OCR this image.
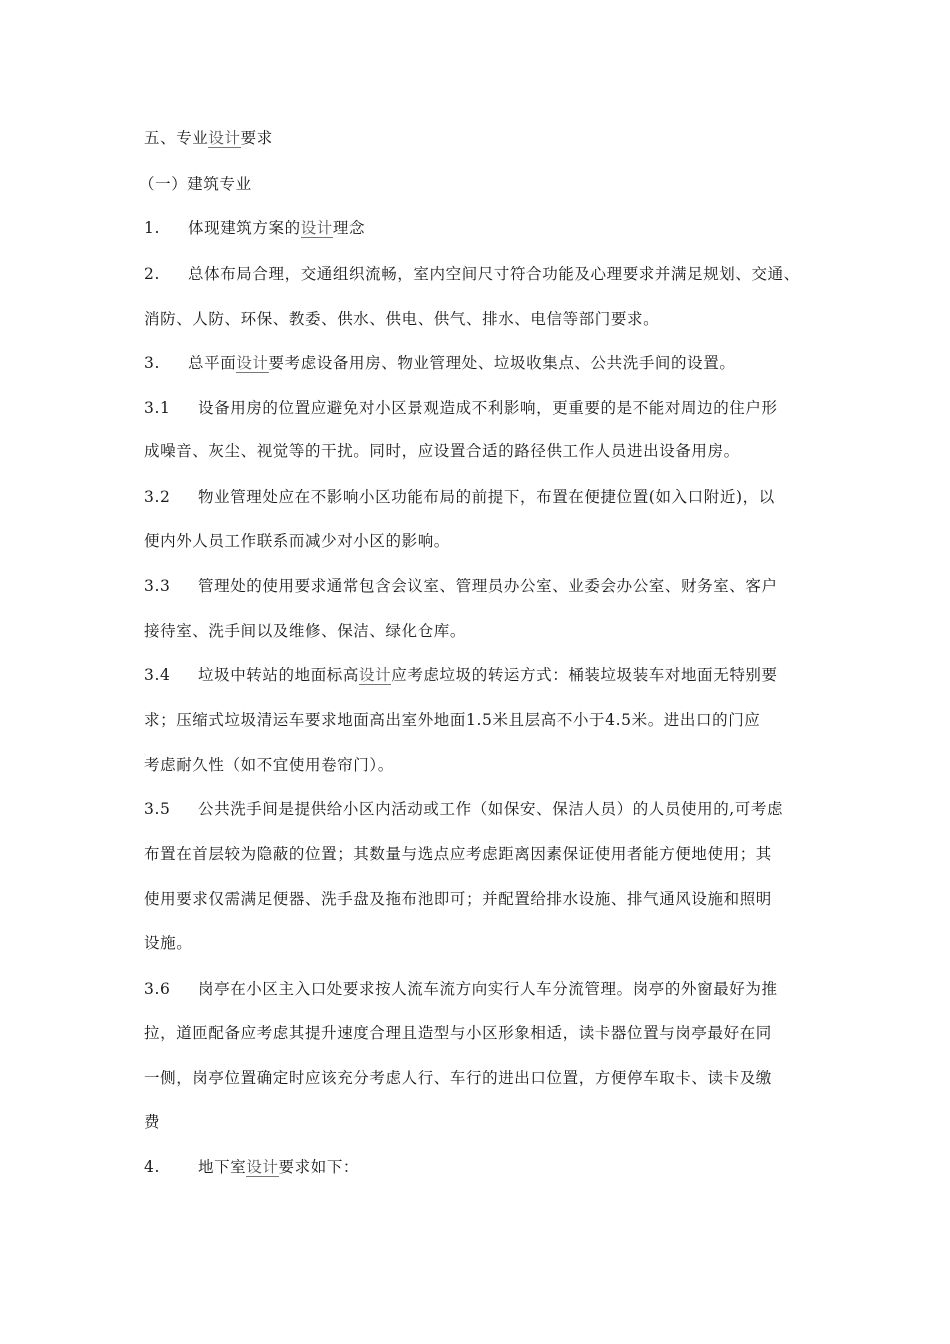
五、专业设计要求
（一）建筑专业
1. 体现建筑方案的设计理念
2. 总体布局合理，交通组织流畅，室内空间尺寸符合功能及心理要求并满足规划、交通、
消防、人防、环保、教委、供水、供电、供气、排水、电信等部门要求。
3. 总平面设计要考虑设备用房、物业管理处、垃圾收集点、公共洗手间的设置。
3.1 设备用房的位置应避免对小区景观造成不利影响，更重要的是不能对周边的住户形
成噪音、灰尘、视觉等的干扰。同时，应设置合适的路径供工作人员进出设备用房。
3.2 物业管理处应在不影响小区功能布局的前提下，布置在便捷位置(如入口附近)，以
便内外人员工作联系而减少对小区的影响。
3.3 管理处的使用要求通常包含会议室、管理员办公室、业委会办公室、财务室、客户
接待室、洗手间以及维修、保洁、绿化仓库。
3.4 垃圾中转站的地面标高设计应考虑垃圾的转运方式：桶装垃圾装车对地面无特别要
求；压缩式垃圾清运车要求地面高出室外地面1.5米且层高不小于4.5米。进出口的门应
考虑耐久性（如不宜使用卷帘门）。
3.5 公共洗手间是提供给小区内活动或工作（如保安、保洁人员）的人员使用的,可考虑
布置在首层较为隐蔽的位置；其数量与选点应考虑距离因素保证使用者能方便地使用；其
使用要求仅需满足便器、洗手盘及拖布池即可；并配置给排水设施、排气通风设施和照明
设施。
3.6 岗亭在小区主入口处要求按人流车流方向实行人车分流管理。岗亭的外窗最好为推
拉，道匝配备应考虑其提升速度合理且造型与小区形象相适，读卡器位置与岗亭最好在同
一侧，岗亭位置确定时应该充分考虑人行、车行的进出口位置，方便停车取卡、读卡及缴
费
4. 地下室设计要求如下：
